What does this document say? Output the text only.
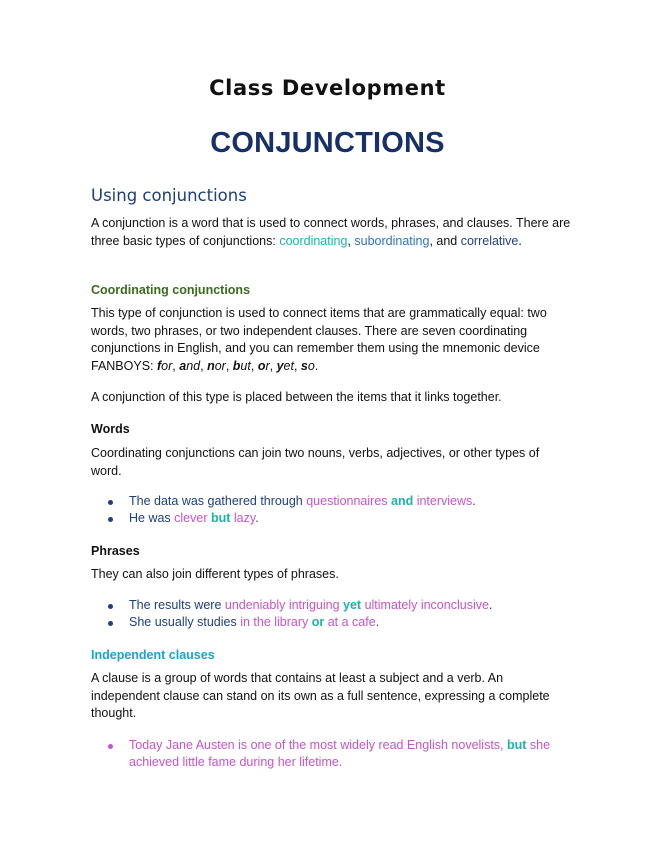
Class Development
CONJUNCTIONS
Using conjunctions
A conjunction is a word that is used to connect words, phrases, and clauses. There are three basic types of conjunctions: coordinating, subordinating, and correlative.
Coordinating conjunctions
This type of conjunction is used to connect items that are grammatically equal: two words, two phrases, or two independent clauses. There are seven coordinating conjunctions in English, and you can remember them using the mnemonic device FANBOYS: for, and, nor, but, or, yet, so.
A conjunction of this type is placed between the items that it links together.
Words
Coordinating conjunctions can join two nouns, verbs, adjectives, or other types of word.
The data was gathered through questionnaires and interviews.
He was clever but lazy.
Phrases
They can also join different types of phrases.
The results were undeniably intriguing yet ultimately inconclusive.
She usually studies in the library or at a cafe.
Independent clauses
A clause is a group of words that contains at least a subject and a verb. An independent clause can stand on its own as a full sentence, expressing a complete thought.
Today Jane Austen is one of the most widely read English novelists, but she achieved little fame during her lifetime.
